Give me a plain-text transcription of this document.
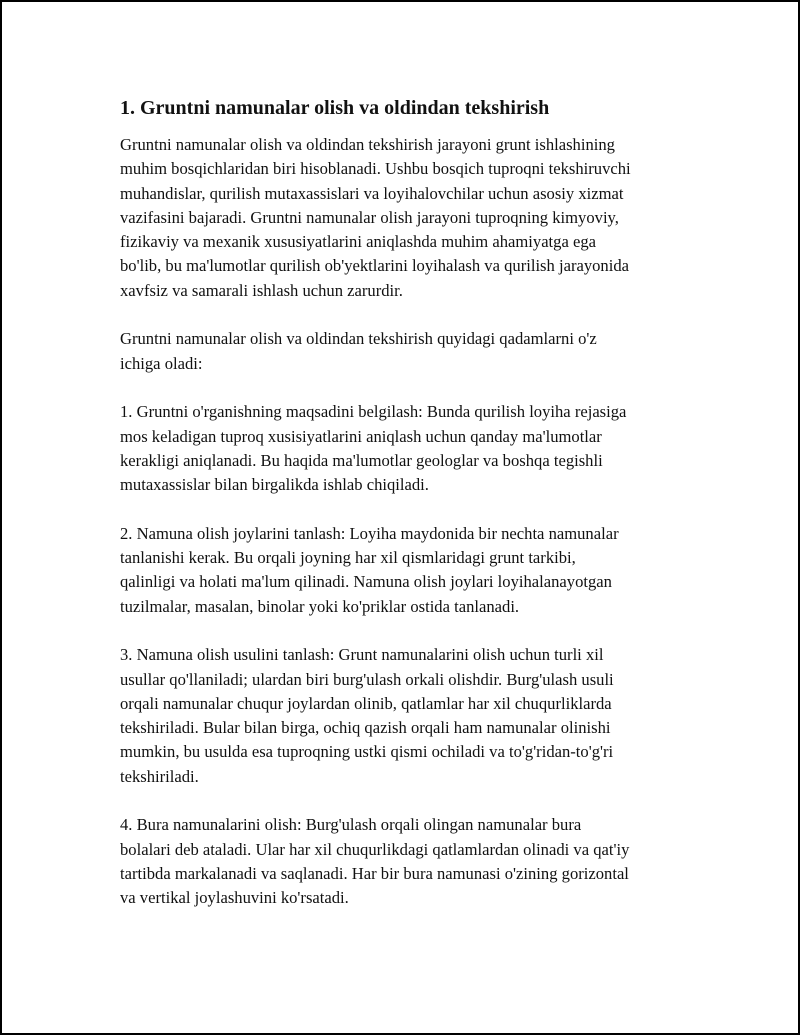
1. Gruntni namunalar olish va oldindan tekshirish

Gruntni namunalar olish va oldindan tekshirish jarayoni grunt ishlashining
muhim bosqichlaridan biri hisoblanadi. Ushbu bosqich tuproqni tekshiruvchi
muhandislar, qurilish mutaxassislari va loyihalovchilar uchun asosiy xizmat
vazifasini bajaradi. Gruntni namunalar olish jarayoni tuproqning kimyoviy,
fizikaviy va mexanik xususiyatlarini aniqlashda muhim ahamiyatga ega
bo'lib, bu ma'lumotlar qurilish ob'yektlarini loyihalash va qurilish jarayonida
xavfsiz va samarali ishlash uchun zarurdir.

Gruntni namunalar olish va oldindan tekshirish quyidagi qadamlarni o'z
ichiga oladi:

1. Gruntni o'rganishning maqsadini belgilash: Bunda qurilish loyiha rejasiga
mos keladigan tuproq xusisiyatlarini aniqlash uchun qanday ma'lumotlar
kerakligi aniqlanadi. Bu haqida ma'lumotlar geologlar va boshqa tegishli
mutaxassislar bilan birgalikda ishlab chiqiladi.

2. Namuna olish joylarini tanlash: Loyiha maydonida bir nechta namunalar
tanlanishi kerak. Bu orqali joyning har xil qismlaridagi grunt tarkibi,
qalinligi va holati ma'lum qilinadi. Namuna olish joylari loyihalanayotgan
tuzilmalar, masalan, binolar yoki ko'priklar ostida tanlanadi.

3. Namuna olish usulini tanlash: Grunt namunalarini olish uchun turli xil
usullar qo'llaniladi; ulardan biri burg'ulash orkali olishdir. Burg'ulash usuli
orqali namunalar chuqur joylardan olinib, qatlamlar har xil chuqurliklarda
tekshiriladi. Bular bilan birga, ochiq qazish orqali ham namunalar olinishi
mumkin, bu usulda esa tuproqning ustki qismi ochiladi va to'g'ridan-to'g'ri
tekshiriladi.

4. Bura namunalarini olish: Burg'ulash orqali olingan namunalar bura
bolalari deb ataladi. Ular har xil chuqurlikdagi qatlamlardan olinadi va qat'iy
tartibda markalanadi va saqlanadi. Har bir bura namunasi o'zining gorizontal
va vertikal joylashuvini ko'rsatadi.
